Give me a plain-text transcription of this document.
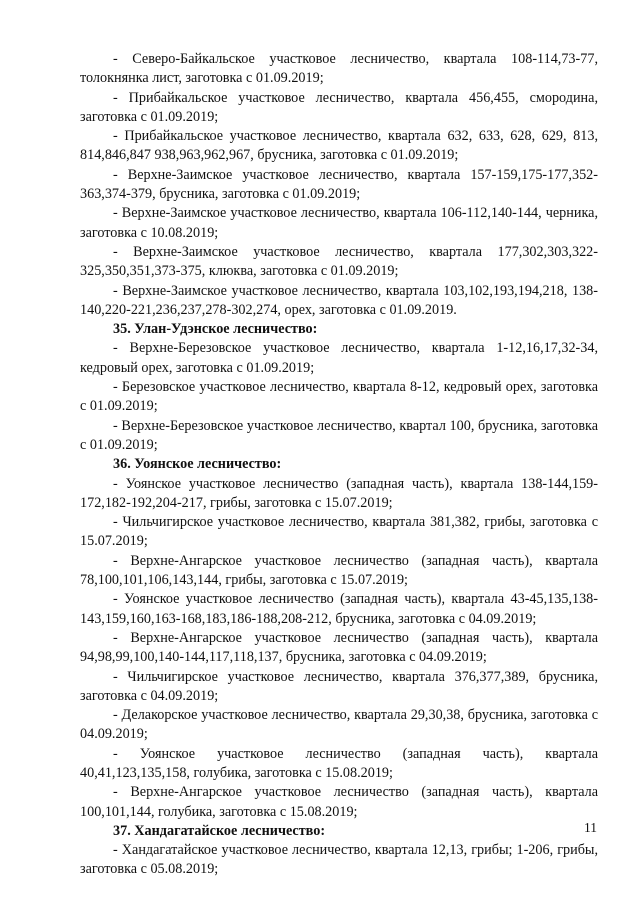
- Северо-Байкальское участковое лесничество, квартала 108-114,73-77, толокнянка лист, заготовка с 01.09.2019;

- Прибайкальское участковое лесничество, квартала 456,455, смородина, заготовка с 01.09.2019;

- Прибайкальское участковое лесничество, квартала 632, 633, 628, 629, 813, 814,846,847 938,963,962,967, брусника, заготовка с 01.09.2019;

- Верхне-Заимское участковое лесничество, квартала 157-159,175-177,352-363,374-379, брусника, заготовка с 01.09.2019;

- Верхне-Заимское участковое лесничество, квартала 106-112,140-144, черника, заготовка с 10.08.2019;

- Верхне-Заимское участковое лесничество, квартала 177,302,303,322-325,350,351,373-375, клюква, заготовка с 01.09.2019;

- Верхне-Заимское участковое лесничество, квартала 103,102,193,194,218, 138-140,220-221,236,237,278-302,274, орех, заготовка с 01.09.2019.

35. Улан-Удэнское лесничество:

- Верхне-Березовское участковое лесничество, квартала 1-12,16,17,32-34, кедровый орех, заготовка с 01.09.2019;

- Березовское участковое лесничество, квартала 8-12, кедровый орех, заготовка с 01.09.2019;

- Верхне-Березовское участковое лесничество, квартал 100, брусника, заготовка с 01.09.2019;

36. Уоянское лесничество:

- Уоянское участковое лесничество (западная часть), квартала 138-144,159-172,182-192,204-217, грибы, заготовка с 15.07.2019;

- Чильчигирское участковое лесничество, квартала 381,382, грибы, заготовка с 15.07.2019;

- Верхне-Ангарское участковое лесничество (западная часть), квартала 78,100,101,106,143,144, грибы, заготовка с 15.07.2019;

- Уоянское участковое лесничество (западная часть), квартала 43-45,135,138-143,159,160,163-168,183,186-188,208-212, брусника, заготовка с 04.09.2019;

- Верхне-Ангарское участковое лесничество (западная часть), квартала 94,98,99,100,140-144,117,118,137, брусника, заготовка с 04.09.2019;

- Чильчигирское участковое лесничество, квартала 376,377,389, брусника, заготовка с 04.09.2019;

- Делакорское участковое лесничество, квартала 29,30,38, брусника, заготовка с 04.09.2019;

- Уоянское участковое лесничество (западная часть), квартала 40,41,123,135,158, голубика, заготовка с 15.08.2019;

- Верхне-Ангарское участковое лесничество (западная часть), квартала 100,101,144, голубика, заготовка с 15.08.2019;

37. Хандагатайское лесничество:

- Хандагатайское участковое лесничество, квартала 12,13, грибы; 1-206, грибы, заготовка с 05.08.2019;

11
